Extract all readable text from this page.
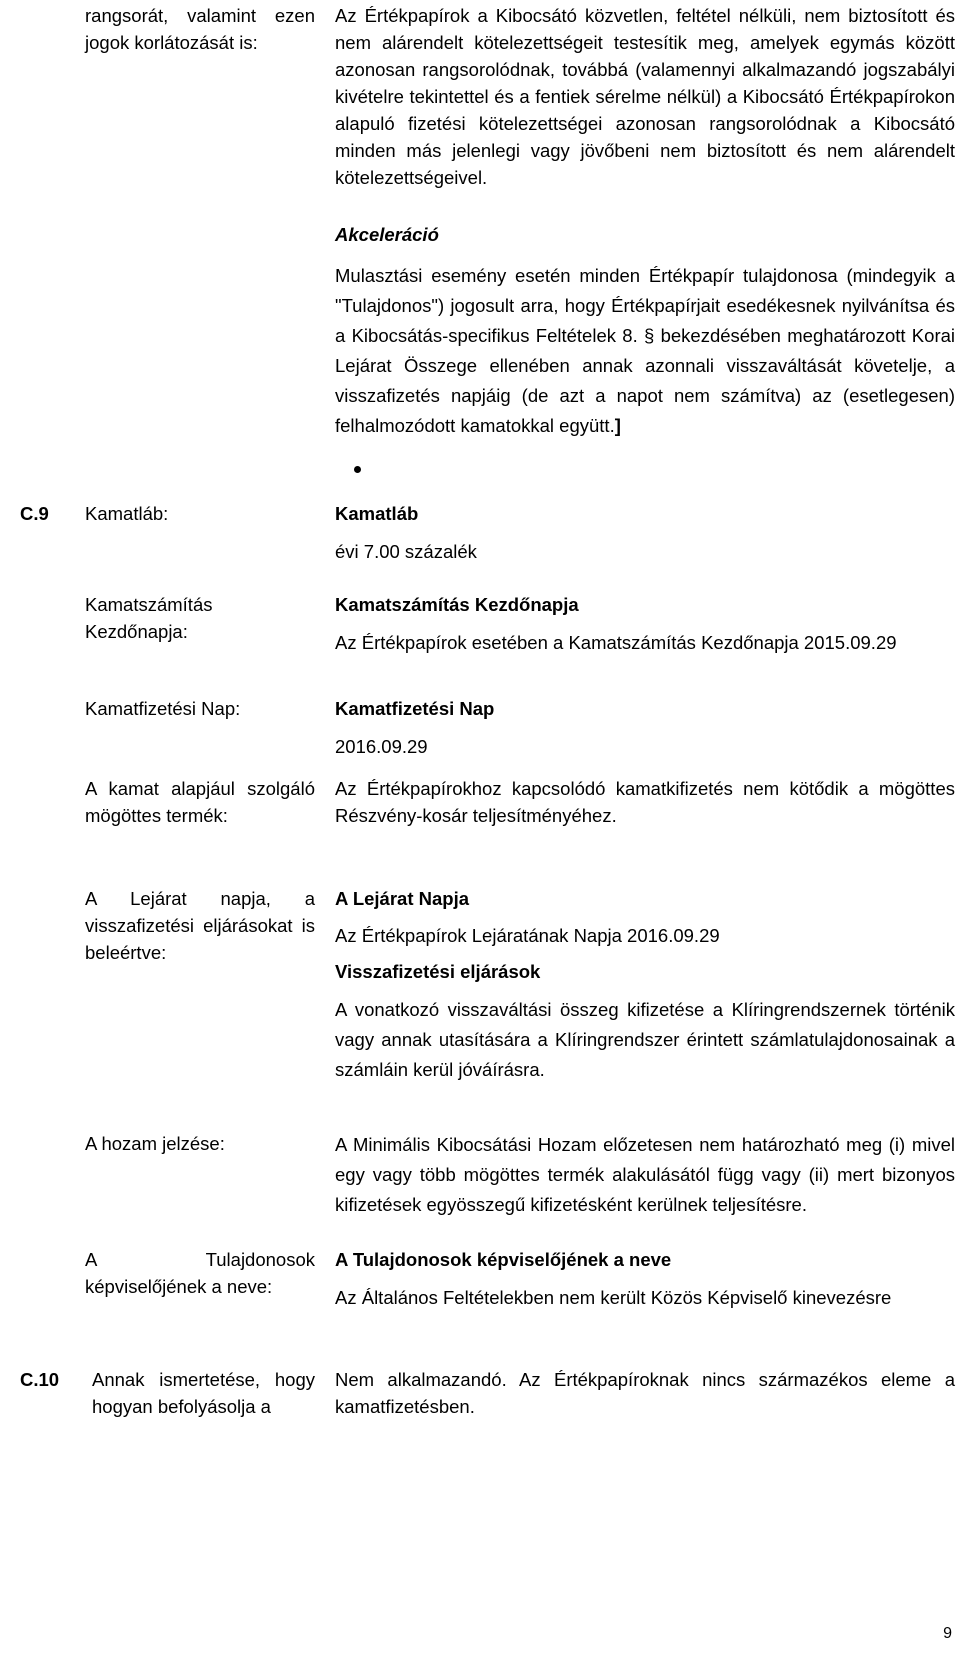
rangsorát, valamint ezen jogok korlátozását is:
C.9 Kamatláb:
Kamatszámítás Kezdőnapja:
Kamatfizetési Nap:
A kamat alapjául szolgáló mögöttes termék:
A Lejárat napja, a visszafizetési eljárásokat is beleértve:
A hozam jelzése:
A Tulajdonosok képviselőjének a neve:
C.10 Annak ismertetése, hogy hogyan befolyásolja a
Az Értékpapírok a Kibocsátó közvetlen, feltétel nélküli, nem biztosított és nem alárendelt kötelezettségeit testesítik meg, amelyek egymás között azonosan rangsorolódnak, továbbá (valamennyi alkalmazandó jogszabályi kivételre tekintettel és a fentiek sérelme nélkül) a Kibocsátó Értékpapírokon alapuló fizetési kötelezettségei azonosan rangsorolódnak a Kibocsátó minden más jelenlegi vagy jövőbeni nem biztosított és nem alárendelt kötelezettségeivel.
Akceleráció
Mulasztási esemény esetén minden Értékpapír tulajdonosa (mindegyik a "Tulajdonos") jogosult arra, hogy Értékpapírjait esedékesnek nyilvánítsa és a Kibocsátás-specifikus Feltételek 8. § bekezdésében meghatározott Korai Lejárat Összege ellenében annak azonnali visszaváltását követelje, a visszafizetés napjáig (de azt a napot nem számítva) az (esetlegesen) felhalmozódott kamatokkal együtt.]
Kamatláb
évi 7.00 százalék
Kamatszámítás Kezdőnapja
Az Értékpapírok esetében a Kamatszámítás Kezdőnapja 2015.09.29
Kamatfizetési Nap
2016.09.29
Az Értékpapírokhoz kapcsolódó kamatkifizetés nem kötődik a mögöttes Részvény-kosár teljesítményéhez.
A Lejárat Napja
Az Értékpapírok Lejáratának Napja 2016.09.29
Visszafizetési eljárások
A vonatkozó visszaváltási összeg kifizetése a Klíringrendszernek történik vagy annak utasítására a Klíringrendszer érintett számlatulajdonosainak a számláin kerül jóváírásra.
A Minimális Kibocsátási Hozam előzetesen nem határozható meg (i) mivel egy vagy több mögöttes termék alakulásától függ vagy (ii) mert bizonyos kifizetések egyösszegű kifizetésként kerülnek teljesítésre.
A Tulajdonosok képviselőjének a neve
Az Általános Feltételekben nem került Közös Képviselő kinevezésre
Nem alkalmazandó. Az Értékpapíroknak nincs származékos eleme a kamatfizetésben.
9
